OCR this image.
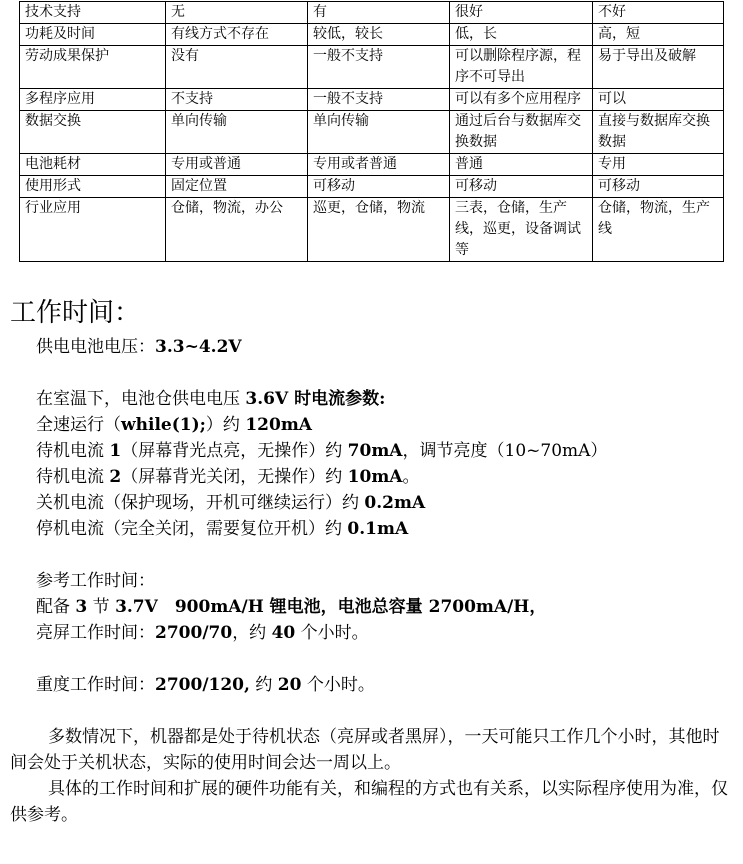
技术支持	无	有	很好	不好
功耗及时间	有线方式不存在	较低，较长	低，长	高，短
劳动成果保护	没有	一般不支持	可以删除程序源，程序不可导出	易于导出及破解
多程序应用	不支持	一般不支持	可以有多个应用程序	可以
数据交换	单向传输	单向传输	通过后台与数据库交换数据	直接与数据库交换数据
电池耗材	专用或普通	专用或者普通	普通	专用
使用形式	固定位置	可移动	可移动	可移动
行业应用	仓储，物流，办公	巡更，仓储，物流	三表，仓储，生产线，巡更，设备调试等	仓储，物流，生产线
工作时间：

供电电池电压：3.3~4.2V

在室温下，电池仓供电电压 3.6V 时电流参数:

全速运行（while(1);）约 120mA

待机电流 1（屏幕背光点亮，无操作）约 70mA，调节亮度（10~70mA）

待机电流 2（屏幕背光关闭，无操作）约 10mA。

关机电流（保护现场，开机可继续运行）约 0.2mA

停机电流（完全关闭，需要复位开机）约 0.1mA

参考工作时间：

配备 3 节 3.7V　900mA/H 锂电池，电池总容量 2700mA/H，

亮屏工作时间：2700/70，约 40 个小时。

重度工作时间：2700/120, 约 20 个小时。

多数情况下，机器都是处于待机状态（亮屏或者黑屏），一天可能只工作几个小时，其他时间会处于关机状态，实际的使用时间会达一周以上。

具体的工作时间和扩展的硬件功能有关，和编程的方式也有关系，以实际程序使用为准，仅供参考。
